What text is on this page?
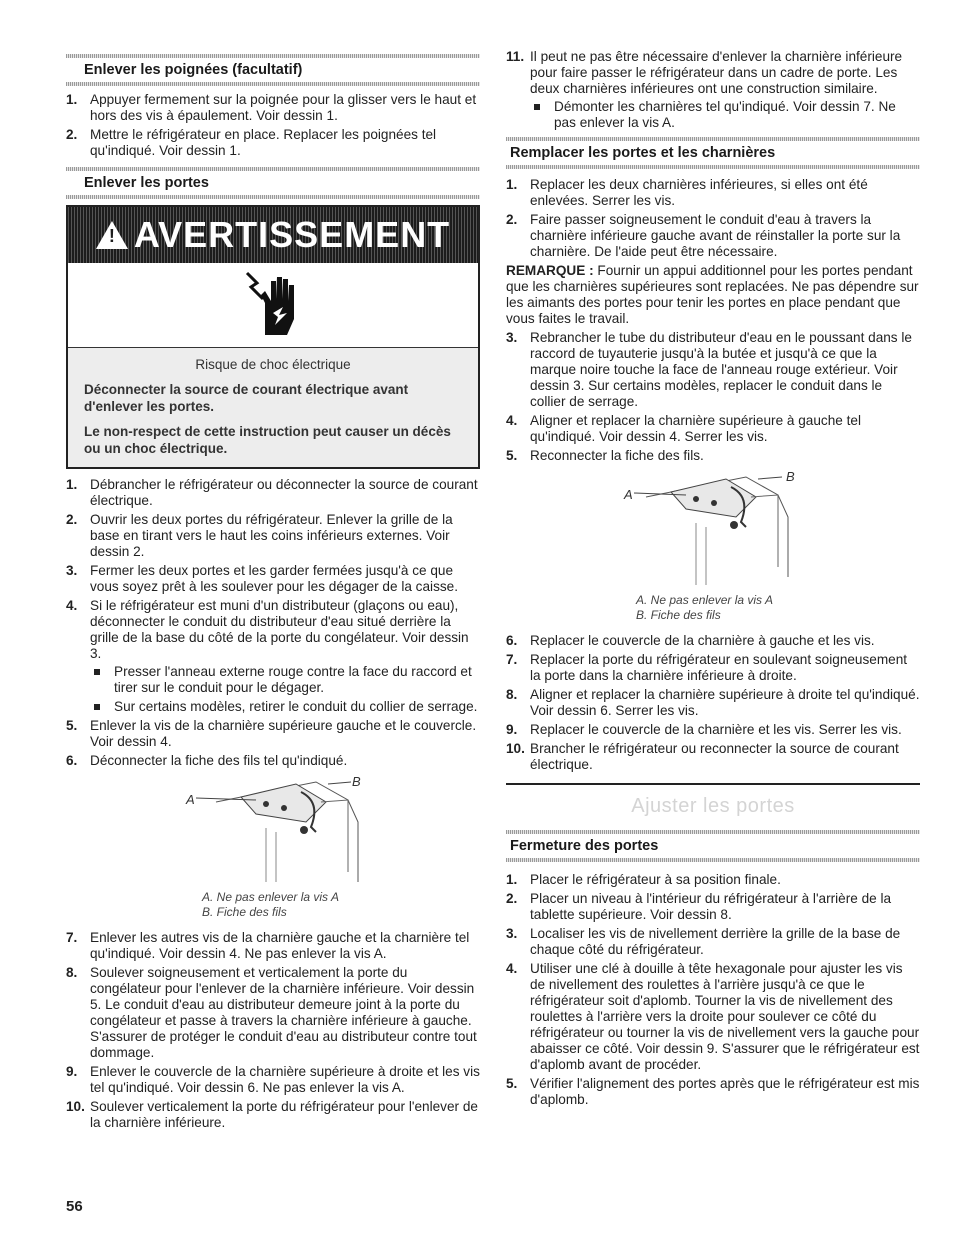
Enlever les poignées (facultatif)
1. Appuyer fermement sur la poignée pour la glisser vers le haut et hors des vis à épaulement. Voir dessin 1.
2. Mettre le réfrigérateur en place. Replacer les poignées tel qu'indiqué. Voir dessin 1.
Enlever les portes
! AVERTISSEMENT
Risque de choc électrique
Déconnecter la source de courant électrique avant d'enlever les portes.
Le non-respect de cette instruction peut causer un décès ou un choc électrique.
1. Débrancher le réfrigérateur ou déconnecter la source de courant électrique.
2. Ouvrir les deux portes du réfrigérateur. Enlever la grille de la base en tirant vers le haut les coins inférieurs externes. Voir dessin 2.
3. Fermer les deux portes et les garder fermées jusqu'à ce que vous soyez prêt à les soulever pour les dégager de la caisse.
4. Si le réfrigérateur est muni d'un distributeur (glaçons ou eau), déconnecter le conduit du distributeur d'eau situé derrière la grille de la base du côté de la porte du congélateur. Voir dessin 3.
Presser l'anneau externe rouge contre la face du raccord et tirer sur le conduit pour le dégager.
Sur certains modèles, retirer le conduit du collier de serrage.
5. Enlever la vis de la charnière supérieure gauche et le couvercle. Voir dessin 4.
6. Déconnecter la fiche des fils tel qu'indiqué.
A
B
A. Ne pas enlever la vis A
B. Fiche des fils
7. Enlever les autres vis de la charnière gauche et la charnière tel qu'indiqué. Voir dessin 4. Ne pas enlever la vis A.
8. Soulever soigneusement et verticalement la porte du congélateur pour l'enlever de la charnière inférieure. Voir dessin 5. Le conduit d'eau au distributeur demeure joint à la porte du congélateur et passe à travers la charnière inférieure à gauche. S'assurer de protéger le conduit d'eau au distributeur contre tout dommage.
9. Enlever le couvercle de la charnière supérieure à droite et les vis tel qu'indiqué. Voir dessin 6. Ne pas enlever la vis A.
10. Soulever verticalement la porte du réfrigérateur pour l'enlever de la charnière inférieure.
11. Il peut ne pas être nécessaire d'enlever la charnière inférieure pour faire passer le réfrigérateur dans un cadre de porte. Les deux charnières inférieures ont une construction similaire.
Démonter les charnières tel qu'indiqué. Voir dessin 7. Ne pas enlever la vis A.
Remplacer les portes et les charnières
1. Replacer les deux charnières inférieures, si elles ont été enlevées. Serrer les vis.
2. Faire passer soigneusement le conduit d'eau à travers la charnière inférieure gauche avant de réinstaller la porte sur la charnière. De l'aide peut être nécessaire.
REMARQUE : Fournir un appui additionnel pour les portes pendant que les charnières supérieures sont replacées. Ne pas dépendre sur les aimants des portes pour tenir les portes en place pendant que vous faites le travail.
3. Rebrancher le tube du distributeur d'eau en le poussant dans le raccord de tuyauterie jusqu'à la butée et jusqu'à ce que la marque noire touche la face de l'anneau rouge extérieur. Voir dessin 3. Sur certains modèles, replacer le conduit dans le collier de serrage.
4. Aligner et replacer la charnière supérieure à gauche tel qu'indiqué. Voir dessin 4. Serrer les vis.
5. Reconnecter la fiche des fils.
A
B
A. Ne pas enlever la vis A
B. Fiche des fils
6. Replacer le couvercle de la charnière à gauche et les vis.
7. Replacer la porte du réfrigérateur en soulevant soigneusement la porte dans la charnière inférieure à droite.
8. Aligner et replacer la charnière supérieure à droite tel qu'indiqué. Voir dessin 6. Serrer les vis.
9. Replacer le couvercle de la charnière et les vis. Serrer les vis.
10. Brancher le réfrigérateur ou reconnecter la source de courant électrique.
Ajuster les portes
Fermeture des portes
1. Placer le réfrigérateur à sa position finale.
2. Placer un niveau à l'intérieur du réfrigérateur à l'arrière de la tablette supérieure. Voir dessin 8.
3. Localiser les vis de nivellement derrière la grille de la base de chaque côté du réfrigérateur.
4. Utiliser une clé à douille à tête hexagonale pour ajuster les vis de nivellement des roulettes à l'arrière jusqu'à ce que le réfrigérateur soit d'aplomb. Tourner la vis de nivellement des roulettes à l'arrière vers la droite pour soulever ce côté du réfrigérateur ou tourner la vis de nivellement vers la gauche pour abaisser ce côté. Voir dessin 9. S'assurer que le réfrigérateur est d'aplomb avant de procéder.
5. Vérifier l'alignement des portes après que le réfrigérateur est mis d'aplomb.
56
